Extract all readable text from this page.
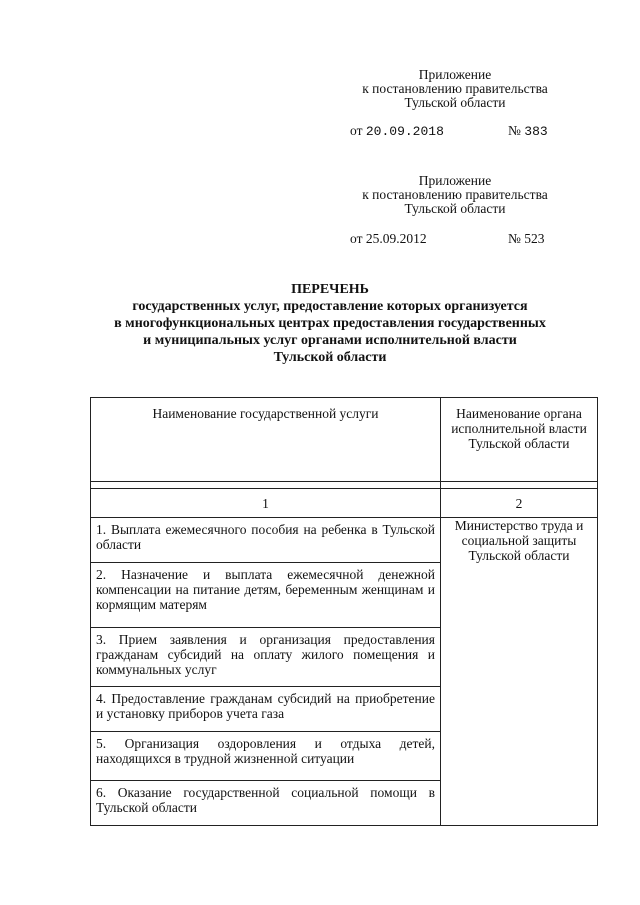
Приложение
к постановлению правительства
Тульской области
от 20.09.2018	№ 383
Приложение
к постановлению правительства
Тульской области
от 25.09.2012	№ 523
ПЕРЕЧЕНЬ
государственных услуг, предоставление которых организуется
в многофункциональных центрах предоставления государственных
и муниципальных услуг органами исполнительной власти
Тульской области
Наименование государственной услуги	Наименование органа исполнительной власти Тульской области

1	2
1. Выплата ежемесячного пособия на ребенка в Тульской области	Министерство труда и социальной защиты Тульской области
2. Назначение и выплата ежемесячной денежной компенсации на питание детям, беременным женщинам и кормящим матерям	
3. Прием заявления и организация предоставления гражданам субсидий на оплату жилого помещения и коммунальных услуг	
4. Предоставление гражданам субсидий на приобретение и установку приборов учета газа	
5. Организация оздоровления и отдыха детей, находящихся в трудной жизненной ситуации	
6. Оказание государственной социальной помощи в Тульской области	
